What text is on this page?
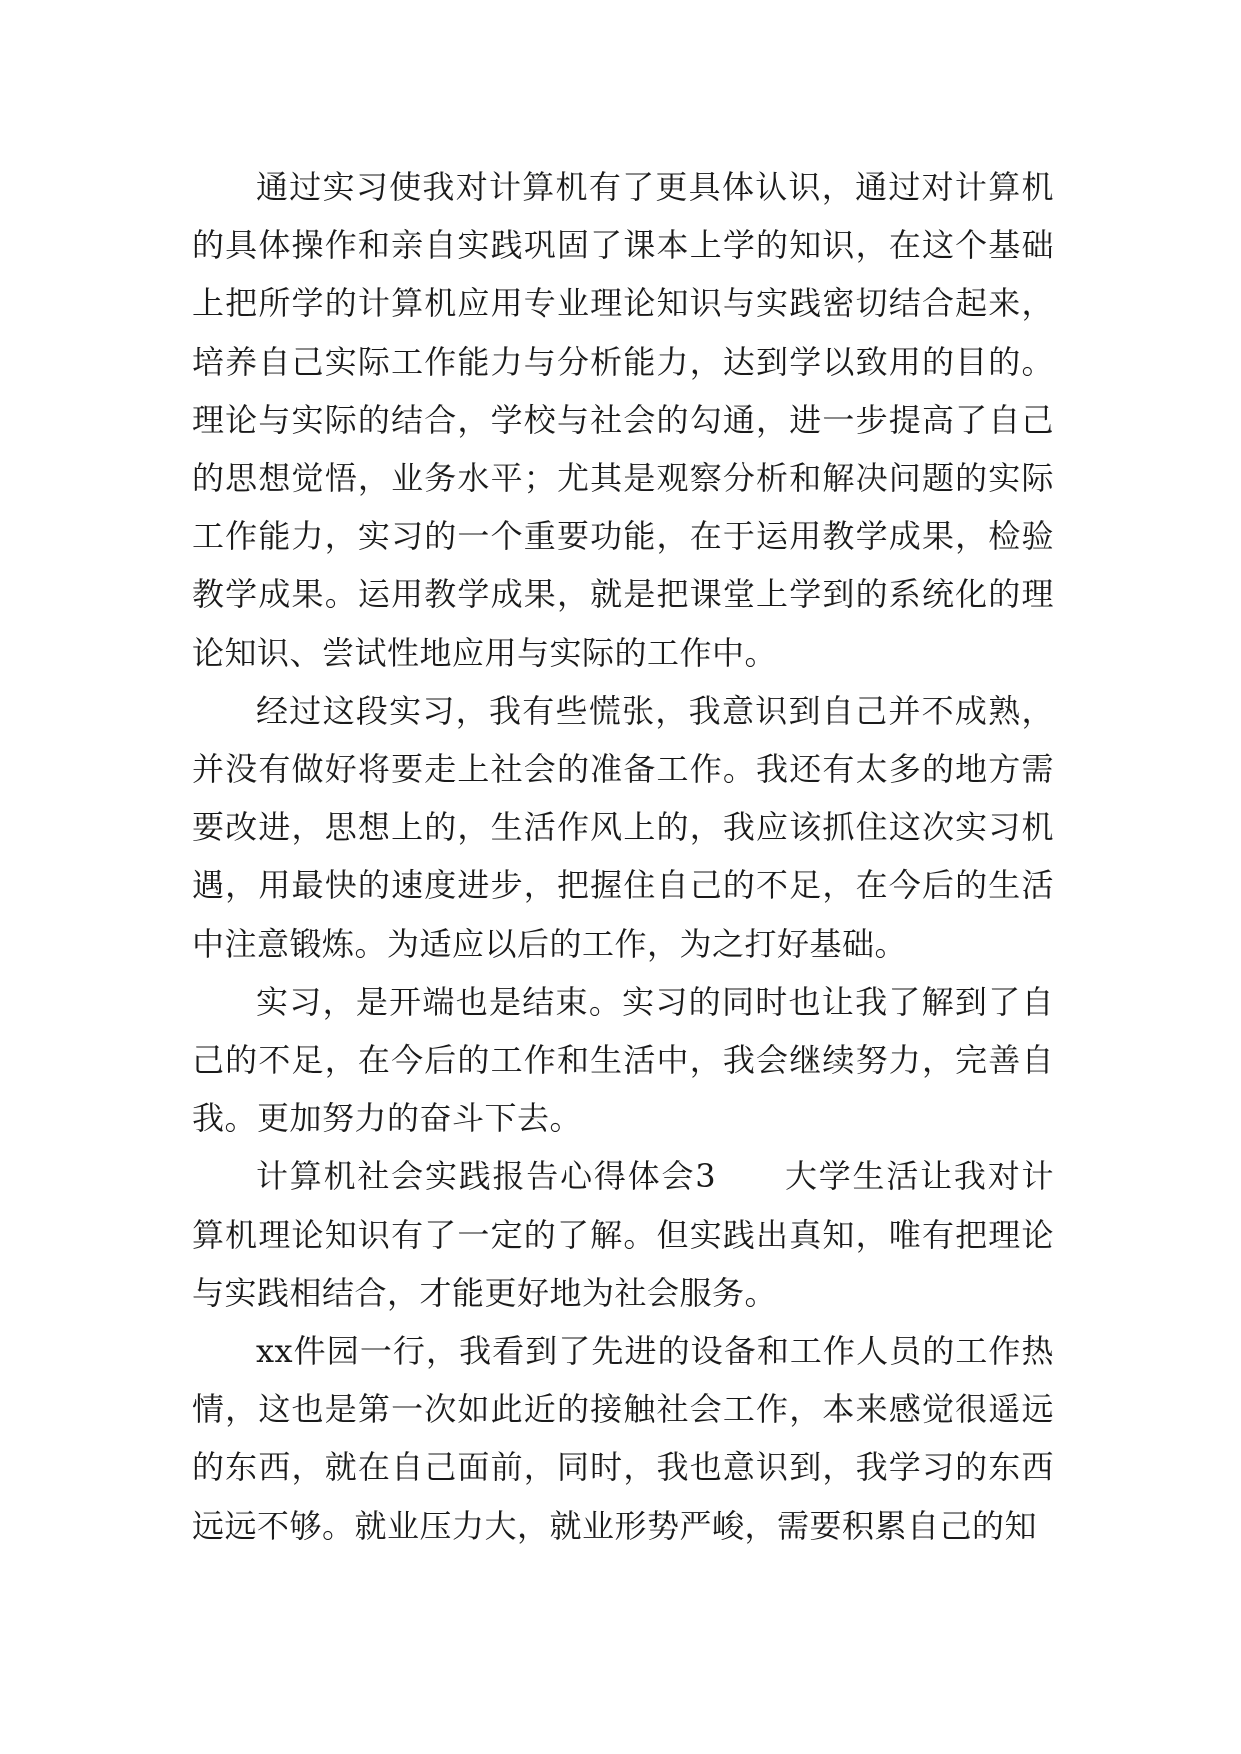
通过实习使我对计算机有了更具体认识，通过对计算机的具体操作和亲自实践巩固了课本上学的知识，在这个基础上把所学的计算机应用专业理论知识与实践密切结合起来，培养自己实际工作能力与分析能力，达到学以致用的目的。理论与实际的结合，学校与社会的勾通，进一步提高了自己的思想觉悟，业务水平；尤其是观察分析和解决问题的实际工作能力，实习的一个重要功能，在于运用教学成果，检验教学成果。运用教学成果，就是把课堂上学到的系统化的理论知识、尝试性地应用与实际的工作中。

经过这段实习，我有些慌张，我意识到自己并不成熟，并没有做好将要走上社会的准备工作。我还有太多的地方需要改进，思想上的，生活作风上的，我应该抓住这次实习机遇，用最快的速度进步，把握住自己的不足，在今后的生活中注意锻炼。为适应以后的工作，为之打好基础。

实习，是开端也是结束。实习的同时也让我了解到了自己的不足，在今后的工作和生活中，我会继续努力，完善自我。更加努力的奋斗下去。

计算机社会实践报告心得体会3　　大学生活让我对计算机理论知识有了一定的了解。但实践出真知，唯有把理论与实践相结合，才能更好地为社会服务。

xx件园一行，我看到了先进的设备和工作人员的工作热情，这也是第一次如此近的接触社会工作，本来感觉很遥远的东西，就在自己面前，同时，我也意识到，我学习的东西远远不够。就业压力大，就业形势严峻，需要积累自己的知
